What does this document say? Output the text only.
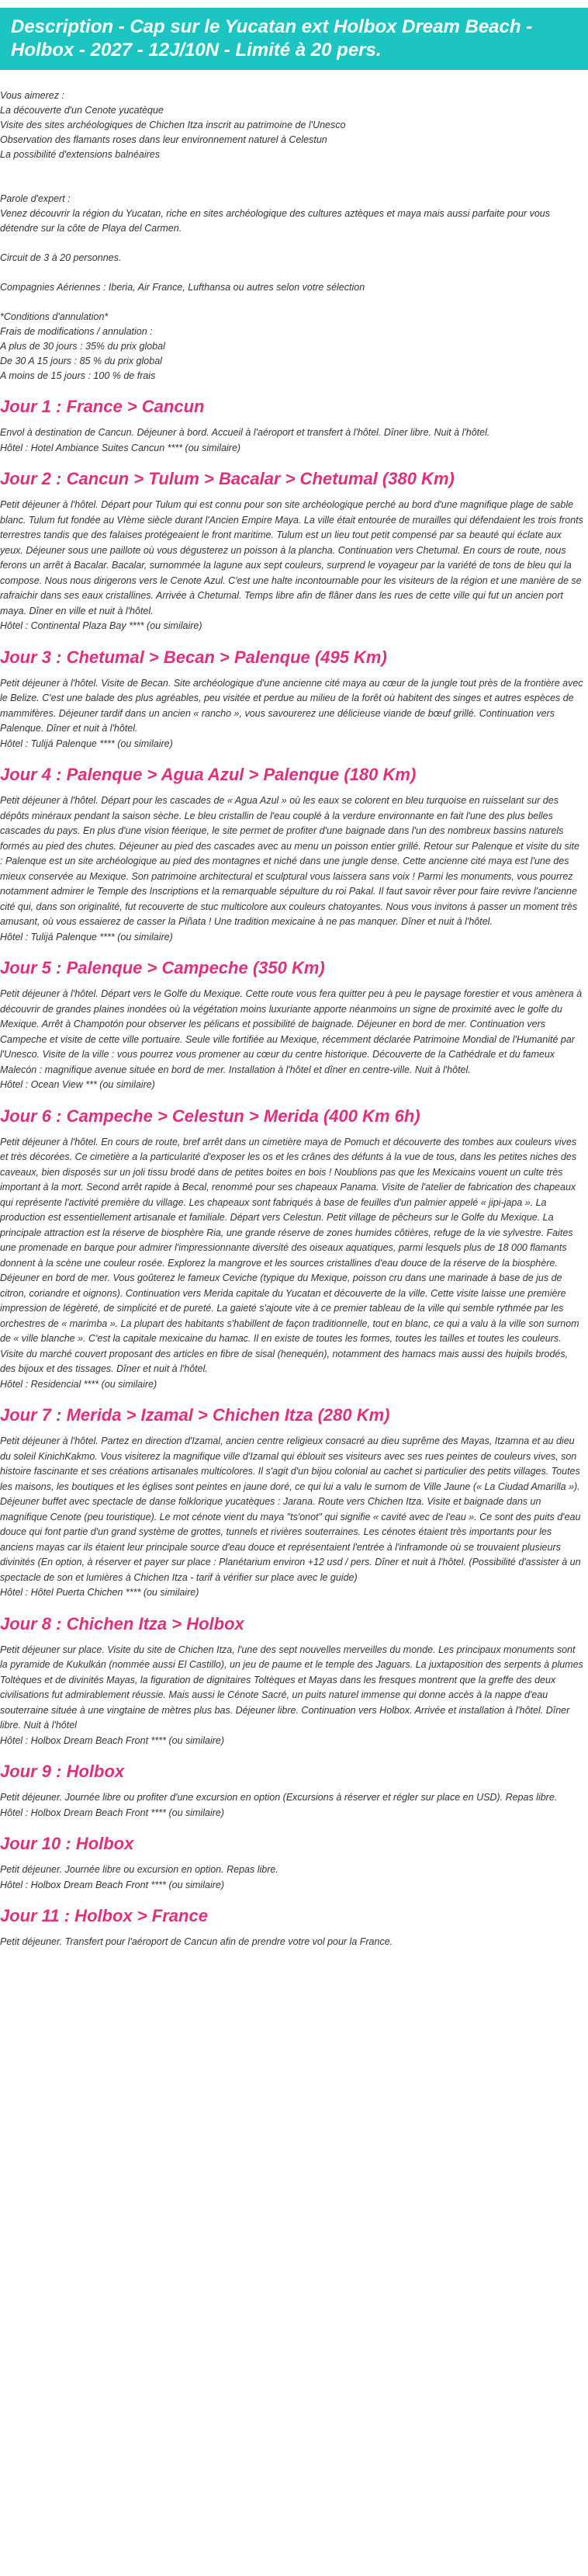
Description - Cap sur le Yucatan ext Holbox Dream Beach - Holbox - 2027 - 12J/10N - Limité à 20 pers.

Vous aimerez :

La découverte d'un Cenote yucatèque

Visite des sites archéologiques de Chichen Itza inscrit au patrimoine de l'Unesco

Observation des flamants roses dans leur environnement naturel à Celestun

La possibilité d'extensions balnéaires

Parole d'expert :

Venez découvrir la région du Yucatan, riche en sites archéologique des cultures aztèques et maya mais aussi parfaite pour vous détendre sur la côte de Playa del Carmen.

Circuit de 3 à 20 personnes.

Compagnies Aériennes : Iberia, Air France, Lufthansa ou autres selon votre sélection

*Conditions d'annulation*

Frais de modifications / annulation :

A plus de 30 jours : 35% du prix global

De 30 A 15 jours : 85 % du prix global

A moins de 15 jours : 100 % de frais

Jour 1 : France > Cancun

Envol à destination de Cancun. Déjeuner à bord. Accueil à l'aéroport et transfert à l'hôtel. Dîner libre. Nuit à l'hôtel.

Hôtel : Hotel Ambiance Suites Cancun **** (ou similaire)

Jour 2 : Cancun > Tulum > Bacalar > Chetumal (380 Km)

Petit déjeuner à l'hôtel. Départ pour Tulum qui est connu pour son site archéologique perché au bord d'une magnifique plage de sable blanc. Tulum fut fondée au VIème siècle durant l'Ancien Empire Maya. La ville était entourée de murailles qui défendaient les trois fronts terrestres tandis que des falaises protégeaient le front maritime. Tulum est un lieu tout petit compensé par sa beauté qui éclate aux yeux. Déjeuner sous une paillote où vous dégusterez un poisson à la plancha. Continuation vers Chetumal. En cours de route, nous ferons un arrêt à Bacalar. Bacalar, surnommée la lagune aux sept couleurs, surprend le voyageur par la variété de tons de bleu qui la compose. Nous nous dirigerons vers le Cenote Azul. C'est une halte incontournable pour les visiteurs de la région et une manière de se rafraichir dans ses eaux cristallines. Arrivée à Chetumal. Temps libre afin de flâner dans les rues de cette ville qui fut un ancien port maya. Dîner en ville et nuit à l'hôtel.

Hôtel : Continental Plaza Bay **** (ou similaire)

Jour 3 : Chetumal > Becan > Palenque (495 Km)

Petit déjeuner à l'hôtel. Visite de Becan. Site archéologique d'une ancienne cité maya au cœur de la jungle tout près de la frontière avec le Belize. C'est une balade des plus agréables, peu visitée et perdue au milieu de la forêt où habitent des singes et autres espèces de mammifères. Déjeuner tardif dans un ancien « rancho », vous savourerez une délicieuse viande de bœuf grillé. Continuation vers Palenque. Dîner et nuit à l'hôtel.

Hôtel : Tulijá Palenque **** (ou similaire)

Jour 4 : Palenque > Agua Azul > Palenque (180 Km)

Petit déjeuner à l'hôtel. Départ pour les cascades de « Agua Azul » où les eaux se colorent en bleu turquoise en ruisselant sur des dépôts minéraux pendant la saison sèche. Le bleu cristallin de l'eau couplé à la verdure environnante en fait l'une des plus belles cascades du pays. En plus d'une vision féerique, le site permet de profiter d'une baignade dans l'un des nombreux bassins naturels formés au pied des chutes. Déjeuner au pied des cascades avec au menu un poisson entier grillé. Retour sur Palenque et visite du site : Palenque est un site archéologique au pied des montagnes et niché dans une jungle dense. Cette ancienne cité maya est l'une des mieux conservée au Mexique. Son patrimoine architectural et sculptural vous laissera sans voix ! Parmi les monuments, vous pourrez notamment admirer le Temple des Inscriptions et la remarquable sépulture du roi Pakal. Il faut savoir rêver pour faire revivre l'ancienne cité qui, dans son originalité, fut recouverte de stuc multicolore aux couleurs chatoyantes. Nous vous invitons à passer un moment très amusant, où vous essaierez de casser la Piñata ! Une tradition mexicaine à ne pas manquer. Dîner et nuit à l'hôtel.

Hôtel : Tulijá Palenque **** (ou similaire)

Jour 5 : Palenque > Campeche (350 Km)

Petit déjeuner à l'hôtel. Départ vers le Golfe du Mexique. Cette route vous fera quitter peu à peu le paysage forestier et vous amènera à découvrir de grandes plaines inondées où la végétation moins luxuriante apporte néanmoins un signe de proximité avec le golfe du Mexique. Arrêt à Champotón pour observer les pélicans et possibilité de baignade. Déjeuner en bord de mer. Continuation vers Campeche et visite de cette ville portuaire. Seule ville fortifiée au Mexique, récemment déclarée Patrimoine Mondial de l'Humanité par l'Unesco. Visite de la ville : vous pourrez vous promener au cœur du centre historique. Découverte de la Cathédrale et du fameux Malecón : magnifique avenue située en bord de mer. Installation à l'hôtel et dîner en centre-ville. Nuit à l'hôtel.

Hôtel : Ocean View *** (ou similaire)

Jour 6 : Campeche > Celestun > Merida (400 Km 6h)

Petit déjeuner à l'hôtel. En cours de route, bref arrêt dans un cimetière maya de Pomuch et découverte des tombes aux couleurs vives et très décorées. Ce cimetière a la particularité d'exposer les os et les crânes des défunts à la vue de tous, dans les petites niches des caveaux, bien disposés sur un joli tissu brodé dans de petites boites en bois ! Noublions pas que les Mexicains vouent un culte très important à la mort. Second arrêt rapide à Becal, renommé pour ses chapeaux Panama. Visite de l'atelier de fabrication des chapeaux qui représente l'activité première du village. Les chapeaux sont fabriqués à base de feuilles d'un palmier appelé « jipi-japa ». La production est essentiellement artisanale et familiale. Départ vers Celestun. Petit village de pêcheurs sur le Golfe du Mexique. La principale attraction est la réserve de biosphère Ria, une grande réserve de zones humides côtières, refuge de la vie sylvestre. Faites une promenade en barque pour admirer l'impressionnante diversité des oiseaux aquatiques, parmi lesquels plus de 18 000 flamants donnent à la scène une couleur rosée. Explorez la mangrove et les sources cristallines d'eau douce de la réserve de la biosphère. Déjeuner en bord de mer. Vous goûterez le fameux Ceviche (typique du Mexique, poisson cru dans une marinade à base de jus de citron, coriandre et oignons). Continuation vers Merida capitale du Yucatan et découverte de la ville. Cette visite laisse une première impression de légèreté, de simplicité et de pureté. La gaieté s'ajoute vite à ce premier tableau de la ville qui semble rythmée par les orchestres de « marimba ». La plupart des habitants s'habillent de façon traditionnelle, tout en blanc, ce qui a valu à la ville son surnom de « ville blanche ». C'est la capitale mexicaine du hamac. Il en existe de toutes les formes, toutes les tailles et toutes les couleurs. Visite du marché couvert proposant des articles en fibre de sisal (henequén), notamment des hamacs mais aussi des huipils brodés, des bijoux et des tissages. Dîner et nuit à l'hôtel.

Hôtel : Residencial **** (ou similaire)

Jour 7 : Merida > Izamal > Chichen Itza (280 Km)

Petit déjeuner à l'hôtel. Partez en direction d'Izamal, ancien centre religieux consacré au dieu suprême des Mayas, Itzamna et au dieu du soleil KinichKakmo. Vous visiterez la magnifique ville d'Izamal qui éblouit ses visiteurs avec ses rues peintes de couleurs vives, son histoire fascinante et ses créations artisanales multicolores. Il s'agit d'un bijou colonial au cachet si particulier des petits villages. Toutes les maisons, les boutiques et les églises sont peintes en jaune doré, ce qui lui a valu le surnom de Ville Jaune (« La Ciudad Amarilla »). Déjeuner buffet avec spectacle de danse folklorique yucatèques : Jarana. Route vers Chichen Itza. Visite et baignade dans un magnifique Cenote (peu touristique). Le mot cénote vient du maya "ts'onot" qui signifie « cavité avec de l'eau ». Ce sont des puits d'eau douce qui font partie d'un grand système de grottes, tunnels et rivières souterraines. Les cénotes étaient très importants pour les anciens mayas car ils étaient leur principale source d'eau douce et représentaient l'entrée à l'inframonde où se trouvaient plusieurs divinités (En option, à réserver et payer sur place : Planétarium environ +12 usd / pers. Dîner et nuit à l'hôtel. (Possibilité d'assister à un spectacle de son et lumières à Chichen Itza - tarif à vérifier sur place avec le guide)

Hôtel : Hôtel Puerta Chichen **** (ou similaire)

Jour 8 : Chichen Itza > Holbox

Petit déjeuner sur place. Visite du site de Chichen Itza, l'une des sept nouvelles merveilles du monde. Les principaux monuments sont la pyramide de Kukulkán (nommée aussi El Castillo), un jeu de paume et le temple des Jaguars. La juxtaposition des serpents à plumes Toltèques et de divinités Mayas, la figuration de dignitaires Toltèques et Mayas dans les fresques montrent que la greffe des deux civilisations fut admirablement réussie. Mais aussi le Cénote Sacré, un puits naturel immense qui donne accès à la nappe d'eau souterraine située à une vingtaine de mètres plus bas. Déjeuner libre. Continuation vers Holbox. Arrivée et installation à l'hôtel. Dîner libre. Nuit à l'hôtel

Hôtel : Holbox Dream Beach Front **** (ou similaire)

Jour 9 : Holbox

Petit déjeuner. Journée libre ou profiter d'une excursion en option (Excursions à réserver et régler sur place en USD). Repas libre.

Hôtel : Holbox Dream Beach Front **** (ou similaire)

Jour 10 : Holbox

Petit déjeuner. Journée libre ou excursion en option. Repas libre.

Hôtel : Holbox Dream Beach Front **** (ou similaire)

Jour 11 : Holbox > France

Petit déjeuner. Transfert pour l'aéroport de Cancun afin de prendre votre vol pour la France.
